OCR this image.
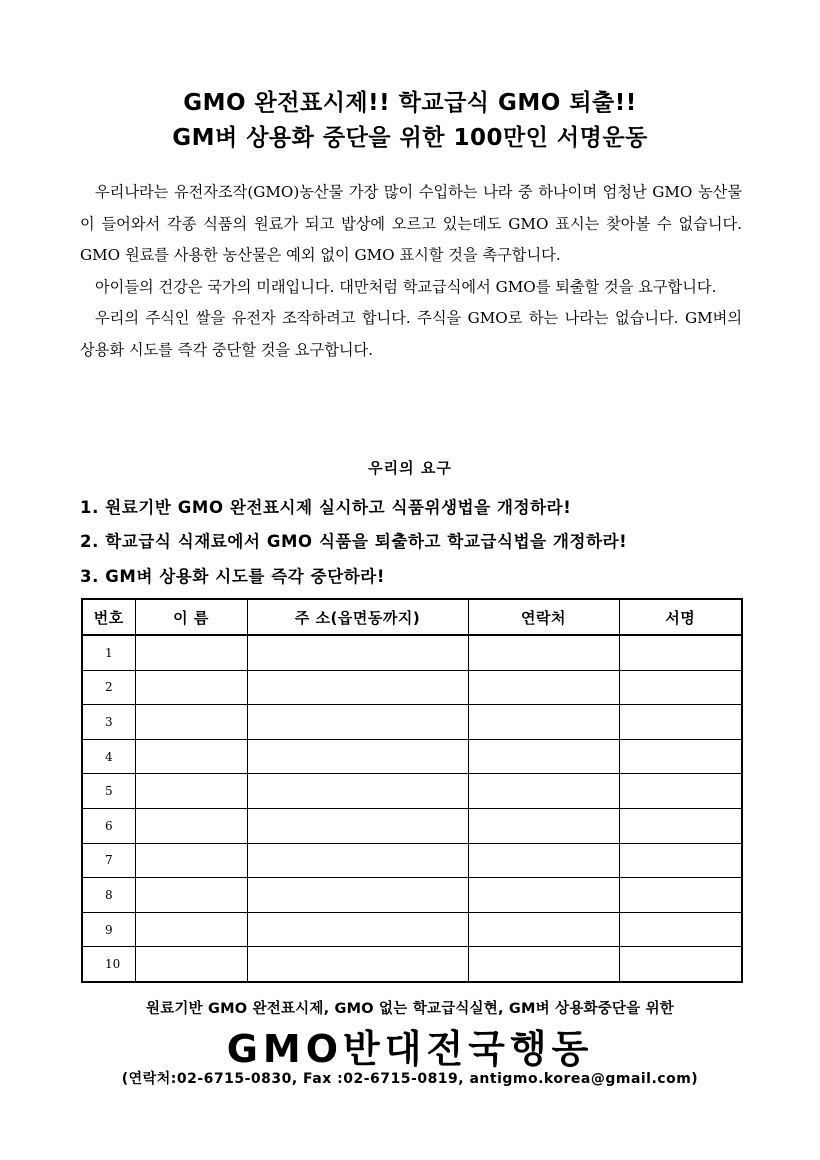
GMO 완전표시제!! 학교급식 GMO 퇴출!!
GM벼 상용화 중단을 위한 100만인 서명운동

우리나라는 유전자조작(GMO)농산물 가장 많이 수입하는 나라 중 하나이며 엄청난 GMO 농산물이 들어와서 각종 식품의 원료가 되고 밥상에 오르고 있는데도 GMO 표시는 찾아볼 수 없습니다. GMO 원료를 사용한 농산물은 예외 없이 GMO 표시할 것을 촉구합니다.

아이들의 건강은 국가의 미래입니다. 대만처럼 학교급식에서 GMO를 퇴출할 것을 요구합니다.

우리의 주식인 쌀을 유전자 조작하려고 합니다. 주식을 GMO로 하는 나라는 없습니다. GM벼의 상용화 시도를 즉각 중단할 것을 요구합니다.

우리의 요구
1. 원료기반 GMO 완전표시제 실시하고 식품위생법을 개정하라!
2. 학교급식 식재료에서 GMO 식품을 퇴출하고 학교급식법을 개정하라!
3. GM벼 상용화 시도를 즉각 중단하라!
번호	이 름	주 소(읍면동까지)	연락처	서명
1				
2				
3				
4				
5				
6				
7				
8				
9				
10				
원료기반 GMO 완전표시제, GMO 없는 학교급식실현, GM벼 상용화중단을 위한
GMO반대전국행동
(연락처:02-6715-0830, Fax :02-6715-0819, antigmo.korea@gmail.com)
